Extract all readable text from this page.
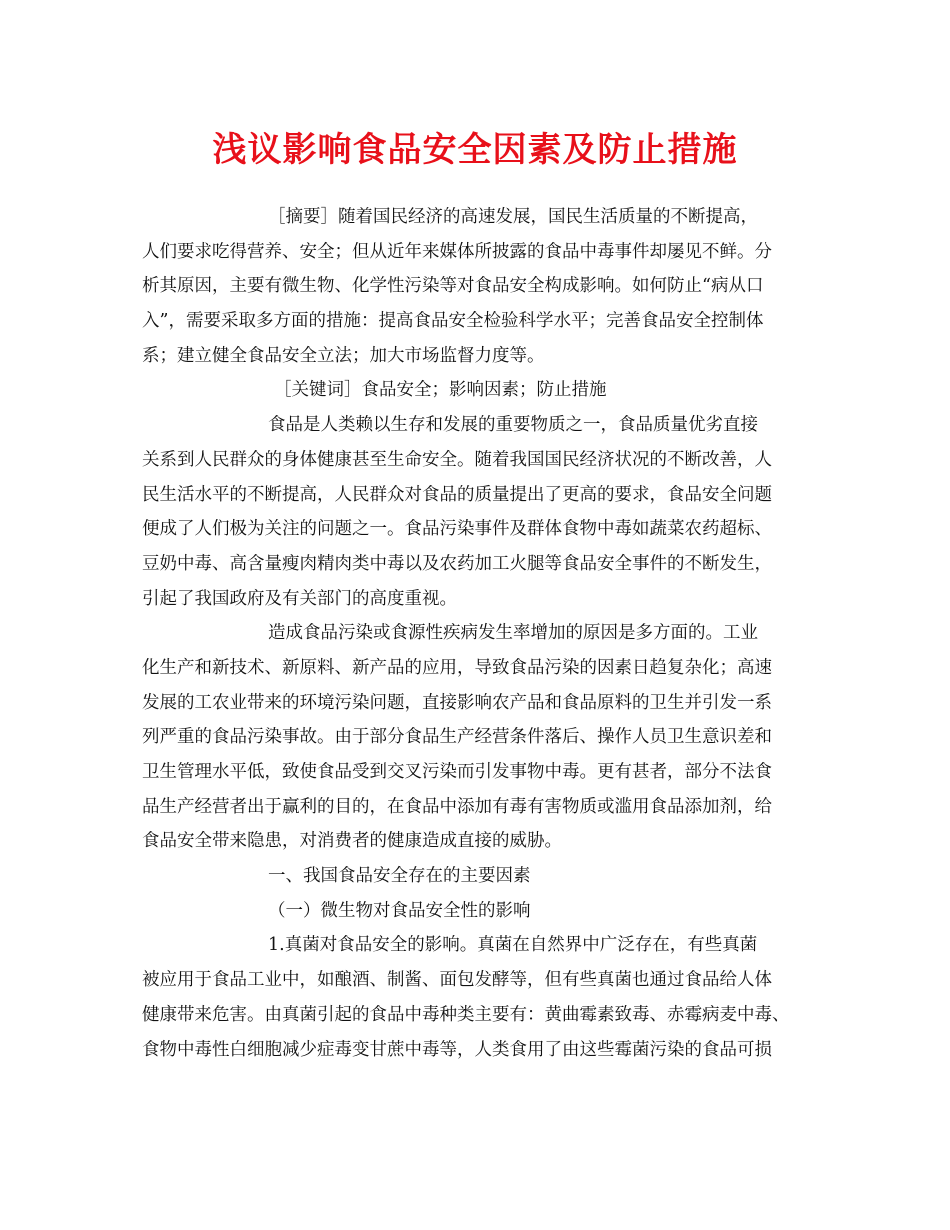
浅议影响食品安全因素及防止措施
［摘要］随着国民经济的高速发展，国民生活质量的不断提高，
人们要求吃得营养、安全；但从近年来媒体所披露的食品中毒事件却屡见不鲜。分
析其原因，主要有微生物、化学性污染等对食品安全构成影响。如何防止“病从口
入”，需要采取多方面的措施：提高食品安全检验科学水平；完善食品安全控制体
系；建立健全食品安全立法；加大市场监督力度等。
［关键词］食品安全；影响因素；防止措施
食品是人类赖以生存和发展的重要物质之一，食品质量优劣直接
关系到人民群众的身体健康甚至生命安全。随着我国国民经济状况的不断改善，人
民生活水平的不断提高，人民群众对食品的质量提出了更高的要求，食品安全问题
便成了人们极为关注的问题之一。食品污染事件及群体食物中毒如蔬菜农药超标、
豆奶中毒、高含量瘦肉精肉类中毒以及农药加工火腿等食品安全事件的不断发生，
引起了我国政府及有关部门的高度重视。
造成食品污染或食源性疾病发生率增加的原因是多方面的。工业
化生产和新技术、新原料、新产品的应用，导致食品污染的因素日趋复杂化；高速
发展的工农业带来的环境污染问题，直接影响农产品和食品原料的卫生并引发一系
列严重的食品污染事故。由于部分食品生产经营条件落后、操作人员卫生意识差和
卫生管理水平低，致使食品受到交叉污染而引发事物中毒。更有甚者，部分不法食
品生产经营者出于赢利的目的，在食品中添加有毒有害物质或滥用食品添加剂，给
食品安全带来隐患，对消费者的健康造成直接的威胁。
一、我国食品安全存在的主要因素
（一）微生物对食品安全性的影响
1.真菌对食品安全的影响。真菌在自然界中广泛存在，有些真菌
被应用于食品工业中，如酿酒、制酱、面包发酵等，但有些真菌也通过食品给人体
健康带来危害。由真菌引起的食品中毒种类主要有：黄曲霉素致毒、赤霉病麦中毒、
食物中毒性白细胞减少症毒变甘蔗中毒等，人类食用了由这些霉菌污染的食品可损
